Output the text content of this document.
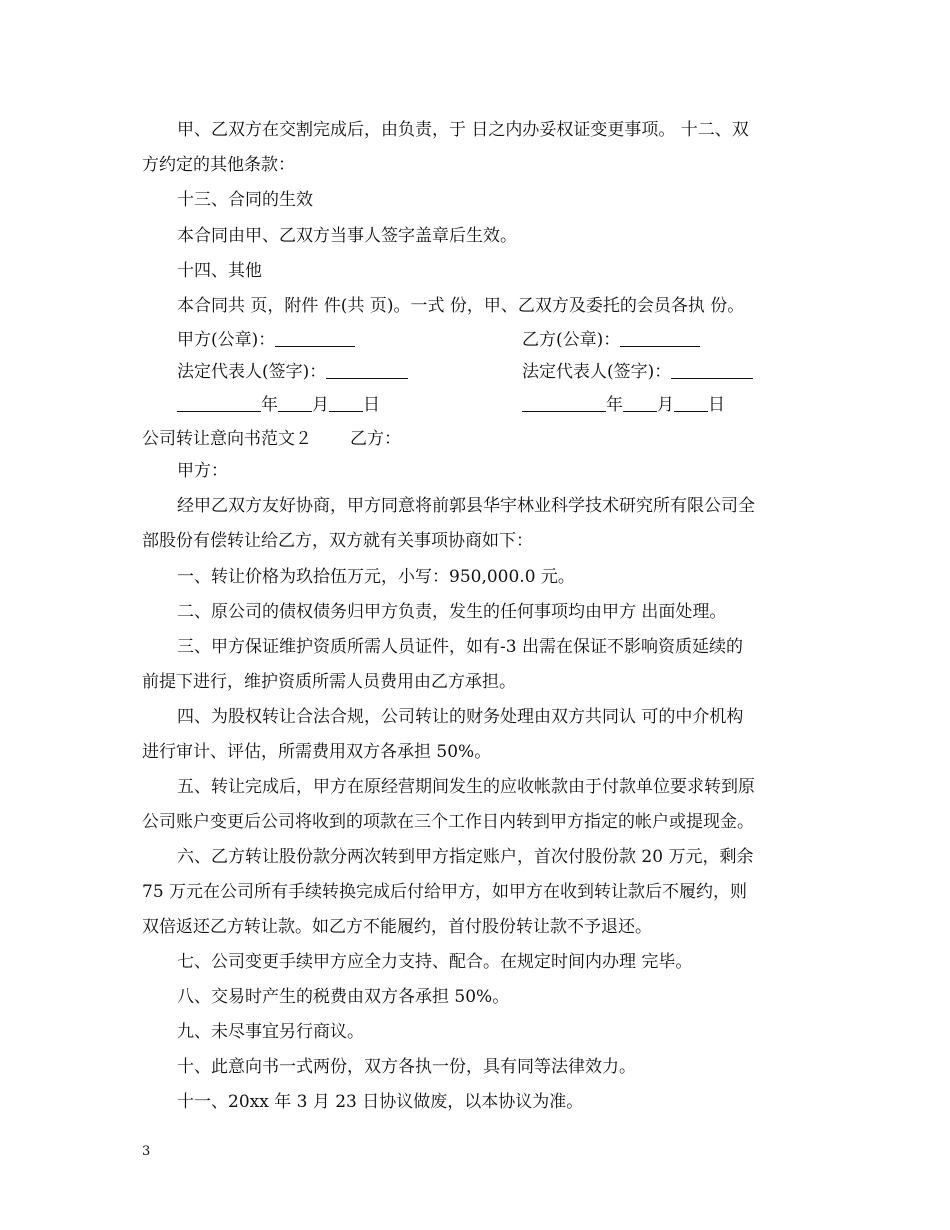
甲、乙双方在交割完成后，由负责，于 日之内办妥权证变更事项。 十二、双
方约定的其他条款：
十三、合同的生效
本合同由甲、乙双方当事人签字盖章后生效。
十四、其他
本合同共 页，附件 件(共 页)。一式 份，甲、乙双方及委托的会员各执 份。
甲方(公章)：	乙方(公章)：
法定代表人(签字)：	法定代表人(签字)：
年 月 日	年 月 日
公司转让意向书范文２ 乙方：
甲方：
经甲乙双方友好协商，甲方同意将前郭县华宇林业科学技术研究所有限公司全
部股份有偿转让给乙方，双方就有关事项协商如下：
一、转让价格为玖拾伍万元，小写：950,000.0 元。
二、原公司的债权债务归甲方负责，发生的任何事项均由甲方 出面处理。
三、甲方保证维护资质所需人员证件，如有-3 出需在保证不影响资质延续的
前提下进行，维护资质所需人员费用由乙方承担。
四、为股权转让合法合规，公司转让的财务处理由双方共同认 可的中介机构
进行审计、评估，所需费用双方各承担 50%。
五、转让完成后，甲方在原经营期间发生的应收帐款由于付款单位要求转到原
公司账户变更后公司将收到的项款在三个工作日内转到甲方指定的帐户或提现金。
六、乙方转让股份款分两次转到甲方指定账户，首次付股份款 20 万元，剩余
75 万元在公司所有手续转换完成后付给甲方，如甲方在收到转让款后不履约，则
双倍返还乙方转让款。如乙方不能履约，首付股份转让款不予退还。
七、公司变更手续甲方应全力支持、配合。在规定时间内办理 完毕。
八、交易时产生的税费由双方各承担 50%。
九、未尽事宜另行商议。
十、此意向书一式两份，双方各执一份，具有同等法律效力。
十一、20xx 年 3 月 23 日协议做废，以本协议为准。
3
